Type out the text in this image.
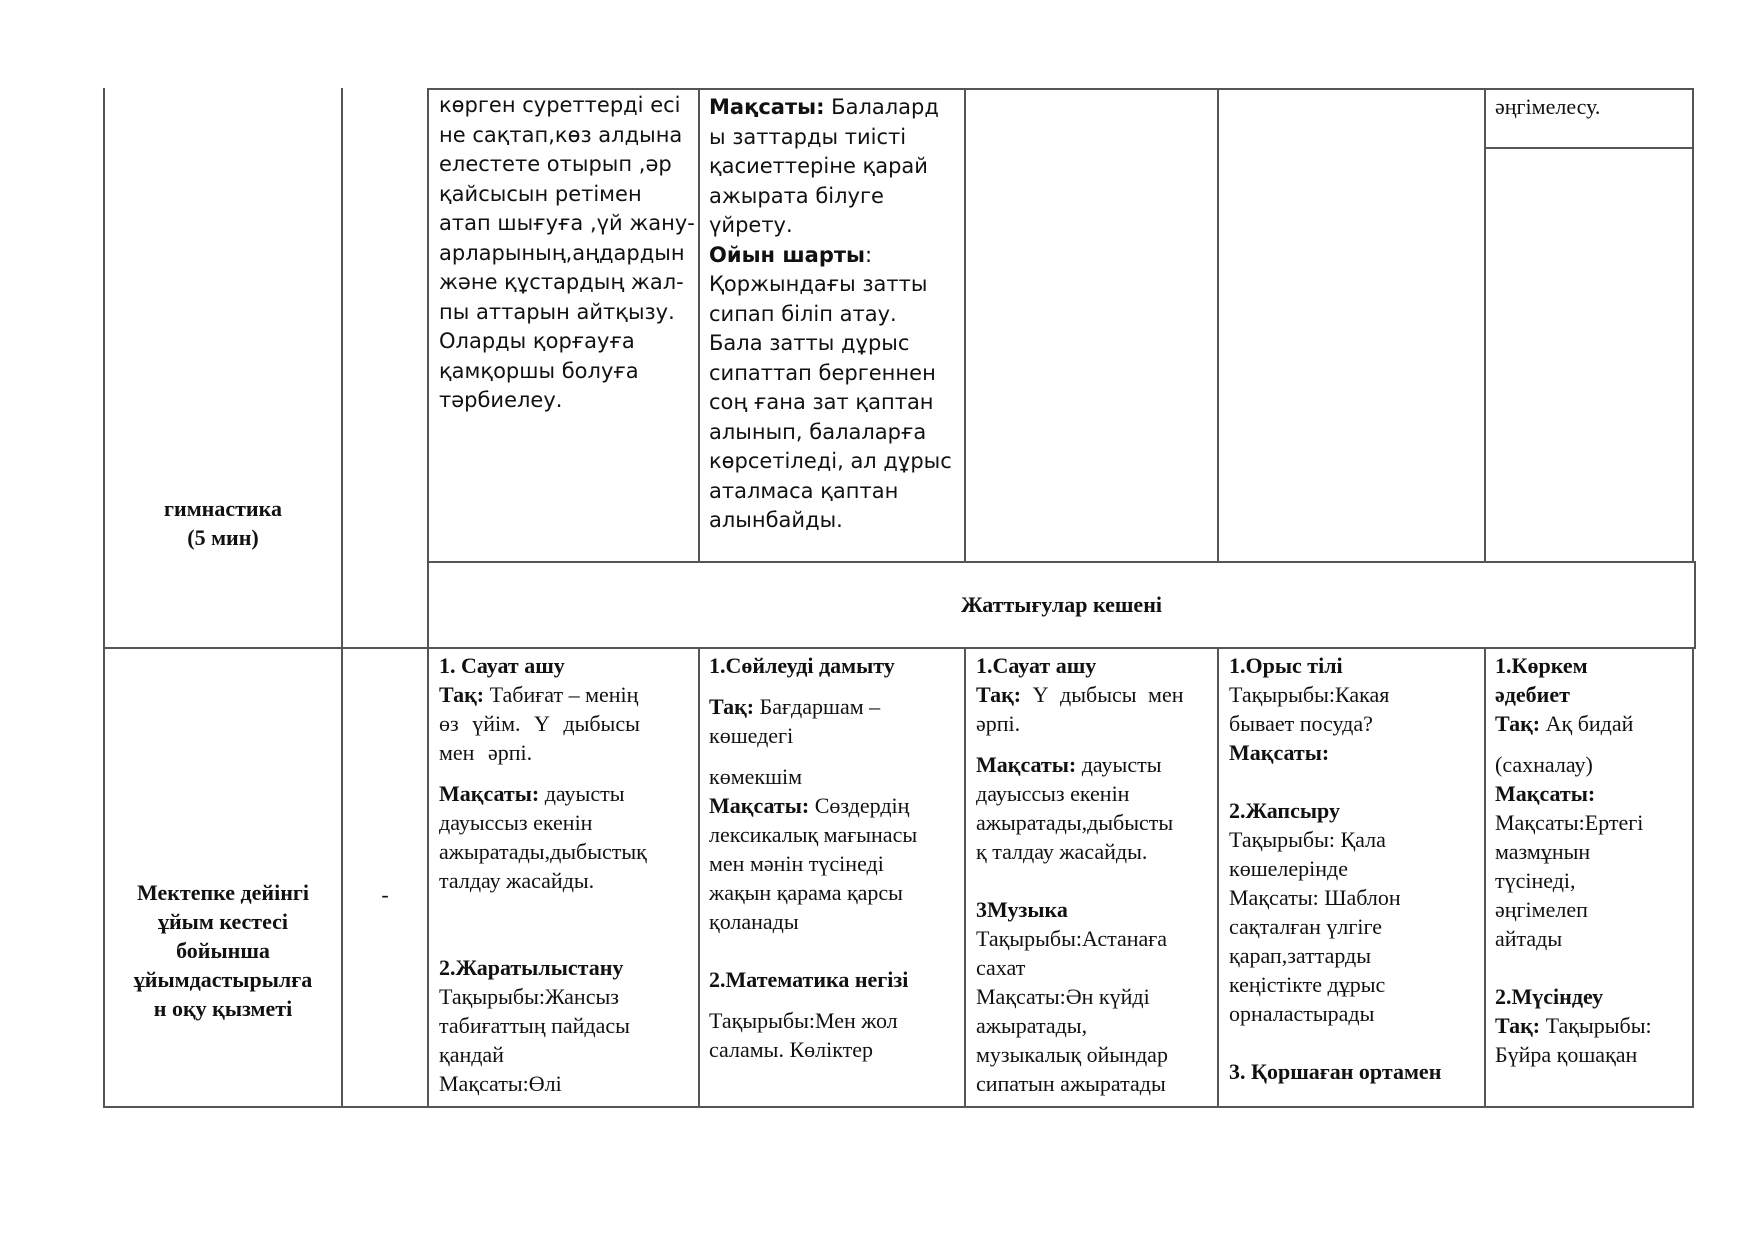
гимнастика
(5 мин)
көрген суреттерді есі
не сақтап,көз алдына
елестете отырып ,әр
қайсысын ретімен
атап шығуға ,үй жану-
арларының,аңдардын
және құстардың жал-
пы аттарын айтқызу.
Оларды қорғауға
қамқоршы болуға
тәрбиелеу.
Мақсаты: Балалард
ы заттарды тиісті
қасиеттеріне қарай
ажырата білуге
үйрету.
Ойын шарты:
Қоржындағы затты
сипап біліп атау.
Бала затты дұрыс
сипаттап бергеннен
соң ғана зат қаптан
алынып, балаларға
көрсетіледі, ал дұрыс
аталмаса қаптан
алынбайды.
әңгімелесу.
Жаттығулар кешені
Мектепке дейінгі
ұйым кестесі
бойынша
ұйымдастырылға
н оқу қызметі
-
1. Сауат ашу
Тақ: Табиғат – менің
өз үйім. Ү дыбысы
мен әрпі.
Мақсаты: дауысты
дауыссыз екенін
ажыратады,дыбыстық
талдау жасайды.
2.Жаратылыстану
Тақырыбы:Жансыз
табиғаттың пайдасы
қандай
Мақсаты:Өлі
1.Сөйлеуді дамыту
Тақ: Бағдаршам –
көшедегі
көмекшім
Мақсаты: Сөздердің
лексикалық мағынасы
мен мәнін түсінеді
жақын қарама қарсы
қоланады
2.Математика негізі
Тақырыбы:Мен жол
саламы. Көліктер
1.Сауат ашу
Тақ: Ү дыбысы мен
әрпі.
Мақсаты: дауысты
дауыссыз екенін
ажыратады,дыбысты
қ талдау жасайды.
3Музыка
Тақырыбы:Астанаға
сахат
Мақсаты:Ән күйді
ажыратады,
музыкалық ойындар
сипатын ажыратады
1.Орыс тілі
Тақырыбы:Какая
бывает посуда?
Мақсаты:
2.Жапсыру
Тақырыбы: Қала
көшелерінде
Мақсаты: Шаблон
сақталған үлгіге
қарап,заттарды
кеңістікте дұрыс
орналастырады
3. Қоршаған ортамен
1.Көркем
әдебиет
Тақ: Ақ бидай
(сахналау)
Мақсаты:
Мақсаты:Ертегі
мазмұнын
түсінеді,
әңгімелеп
айтады
2.Мүсіндеу
Тақ: Тақырыбы:
Бүйра қошақан
